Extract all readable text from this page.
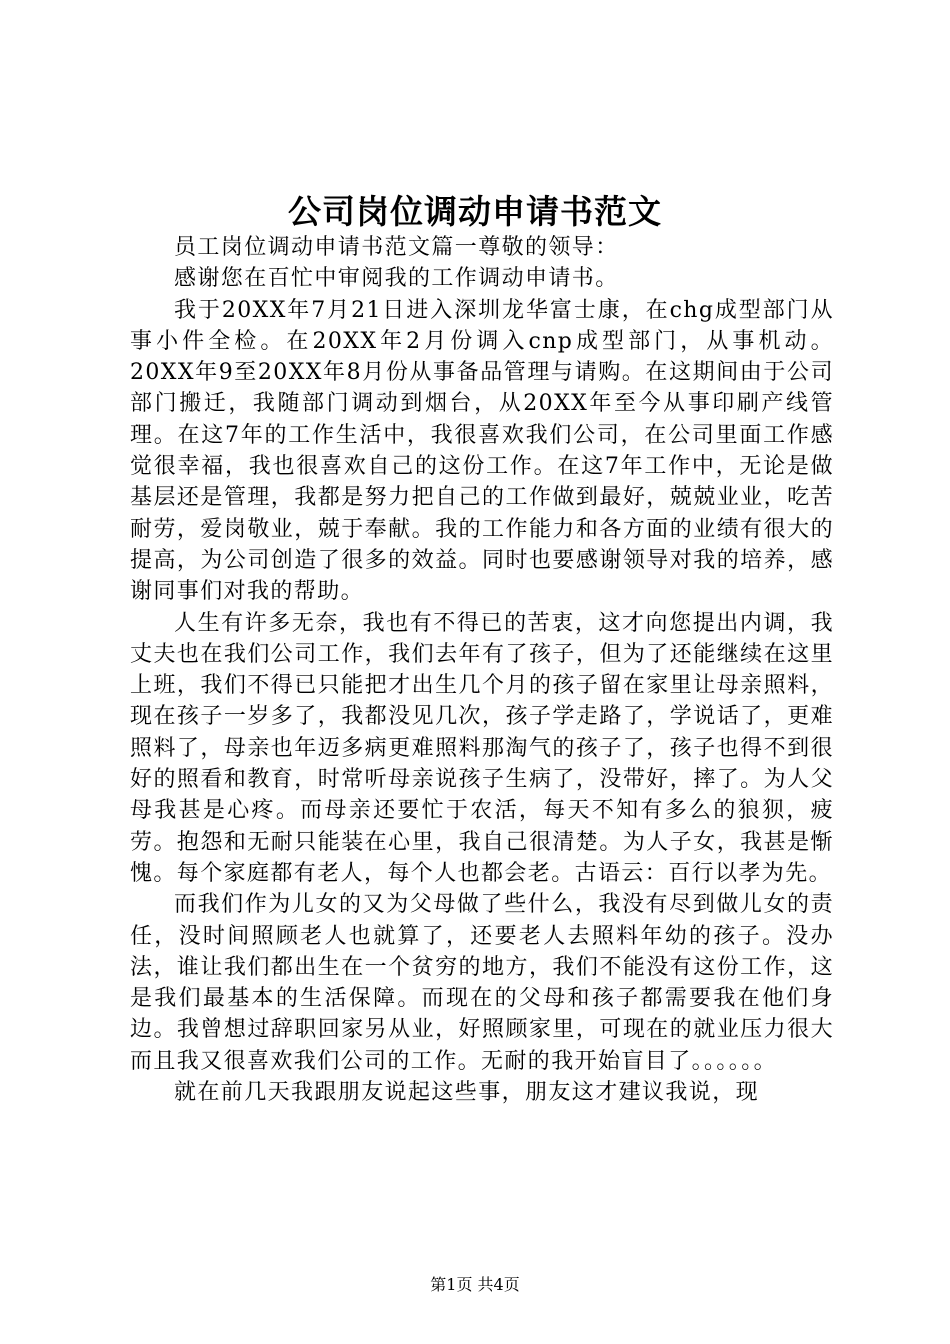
公司岗位调动申请书范文

员工岗位调动申请书范文篇一尊敬的领导：

感谢您在百忙中审阅我的工作调动申请书。

我于20XX年7月21日进入深圳龙华富士康，在chg成型部门从事小件全检。在20XX年2月份调入cnp成型部门，从事机动。20XX年9至20XX年8月份从事备品管理与请购。在这期间由于公司部门搬迁，我随部门调动到烟台，从20XX年至今从事印刷产线管理。在这7年的工作生活中，我很喜欢我们公司，在公司里面工作感觉很幸福，我也很喜欢自己的这份工作。在这7年工作中，无论是做基层还是管理，我都是努力把自己的工作做到最好，兢兢业业，吃苦耐劳，爱岗敬业，兢于奉献。我的工作能力和各方面的业绩有很大的提高，为公司创造了很多的效益。同时也要感谢领导对我的培养，感谢同事们对我的帮助。

人生有许多无奈，我也有不得已的苦衷，这才向您提出内调，我丈夫也在我们公司工作，我们去年有了孩子，但为了还能继续在这里上班，我们不得已只能把才出生几个月的孩子留在家里让母亲照料，现在孩子一岁多了，我都没见几次，孩子学走路了，学说话了，更难照料了，母亲也年迈多病更难照料那淘气的孩子了，孩子也得不到很好的照看和教育，时常听母亲说孩子生病了，没带好，摔了。为人父母我甚是心疼。而母亲还要忙于农活，每天不知有多么的狼狈，疲劳。抱怨和无耐只能装在心里，我自己很清楚。为人子女，我甚是惭愧。每个家庭都有老人，每个人也都会老。古语云：百行以孝为先。

而我们作为儿女的又为父母做了些什么，我没有尽到做儿女的责任，没时间照顾老人也就算了，还要老人去照料年幼的孩子。没办法，谁让我们都出生在一个贫穷的地方，我们不能没有这份工作，这是我们最基本的生活保障。而现在的父母和孩子都需要我在他们身边。我曾想过辞职回家另从业，好照顾家里，可现在的就业压力很大而且我又很喜欢我们公司的工作。无耐的我开始盲目了。。。。。。

就在前几天我跟朋友说起这些事，朋友这才建议我说，现

第1页 共4页
